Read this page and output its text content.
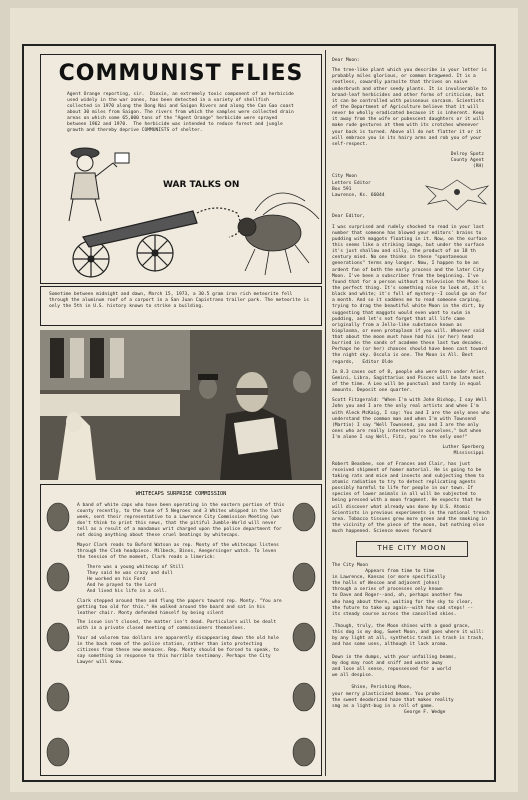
COMMUNIST FLIES

Agent Orange reporting, sir.  Dioxin, an extremely toxic component of an herbicide used widely in the war zones, has been detected in a variety of shellfish collected in 1970 along the Dong Nai and Saigon Rivers and along the Can Gao coast about 30 miles from Saigon. The rivers from which the samples were collected drain areas on which some 65,000 tons of the "Agent Orange" herbicide were sprayed between 1962 and 1970.  The herbicide was intended to reduce forest and jungle growth and thereby deprive COMMUNISTS of shelter.

WAR TALKS ON

Sometime between midnight and dawn, March 15, 1973, a 30.5 gram iron rich meteorite fell through the aluminum roof of a carport in a San Juan Capistrano trailer park. The meteorite is only the 5th in U.S. history known to strike a building.

WHITECAPS SURPRISE COMMISSION

A band of white caps who have been operating in the eastern portion of this county recently, to the tune of 5 Negroes and 3 Whites whipped in the last week, sent their representative to a Lawrence City Commission Meeting (we don't think to print this news, that the pitiful Jumble-World will never tell as a result of a mandamus writ charged upon the police department for not doing anything about these cruel beatings by whitecaps.

Mayor Clark reads to Buford Watson as rep. Monty of the whitecaps listens through the Cleb headpiece. Milbeck, Binns, Aeegersinger watch. To leven the tension of the moment, Clark reads a limerick:

There was a young whitecap of Still
They said he was crazy and dull
He worked on his Ford
And he prayed to the Lord
And lived his life in a cell.

Clark stepped around then and flung the papers toward rep. Monty. "You are getting too old for this." He walked around the board and sat in his leather chair. Monty defended himself by being silent

The issue isn't closed, the matter isn't dead. Particulars will be dealt with in a private closed meeting of commissioners themselves.

Your ad valorem tax dollars are apparently disappearing down the old hole in the back room of the police station, rather than into protecting citizens from these new menaces. Rep. Monty should be forced to speak, to say something in response to this horrible testimony. Perhaps the City Lawyer will know.

Dear Moon:

The tree-like plant which you describe in your letter is probably miles glorious, or common bragweed. It is a rootless, cowardly parasite that thrives on naive underbrush and other seedy plants. It is invulnerable to broad-leaf herbicides and other forms of criticism, but it can be controlled with poisonous sarcasm. Scientists of the Department of Agriculture believe that it will never be wholly eradicated because it is inherent. Keep it away from the wife or pubescent daughters or it will make rude gestures at them with its crotches whenever your back is turned. Above all do not flatter it or it will embrace you in its hairy arms and rob you of your self-respect.

Delroy Spotz
County Agent
(RH)

City Moon
Letters Editor
Box 591
Lawrence, Ks. 66044

Dear Editor,

I was surprised and rudely shocked to read in your last number that someone has blowed your editors' brains to pudding with maggots floating in it. Now, on the surface this seems like a striking image, but under the surface it's just shallow and silly, the product of an 18 th century mind. No one thinks in these "spontaneous generations" terms any longer. Now, I happen to be an ardent fan of both the early process and the later City Moon. I've been a subscriber from the beginning. I've found that for a person without a television the Moon is the perfect thing. It's something nice to look at, it's black and white; it's full of mystery--I could go on for a month. And so it saddens me to read someone carping, trying to drag the beautiful white Moon in the dirt, by suggesting that maggots would even want to swim in pudding, and let's not forget that all life came originally from a Jello-like substance known as bioplasma, or even protoplasm if you will. Whoever said that about the moon must have had his (or her) head burried in the sands of academe these last two decades. Perhaps he (or her) chances should have been cast toward the night sky. Oscola is one. The Moon is All. Best regards,   Editor Olde

In 8.3 cases out of 8, people who were born under Aries, Gemini, Libra, Sagittarius and Pisces will be late most of the time. A Leo will be punctual and tardy in equal amounts. Deposit one quarter.

Scott Fitzgerald: "When I'm with John Bishop, I say Well John you and I are the only real artists and when I'm with Aleck McKaig, I say: You and I are the only ones who understand the common man and when I'm with Townsend (Martin) I say "Well Townsend, you and I are the only ones who are really interested in ourselves," but when I'm alone I say Well, Fitz, you're the only one!"

Luther Sperberg
Mississippi

Robert Beasbee, son of Frances and Clair, has just received shipment of homer material. He is going to be taking rats and mice and insects and subjecting them to atomic radiation to try to detect replicating agents possibly harmful to life for people in our town. If species of lower animals in all will be subjected to being pressed with a moon fragment. He expects that he will discover what already was done by U.S. Atomic Scientists in previous experiments in the national trench area. Tobacco tissues grew more green and the smoking in the vicinity of the piece of the moon, but nothing else much happened. Science moves forward

THE CITY MOON

The City Moon
Appears from time to time
in Lawrence, Kansas (or more specifically
the halls of Wescoe and adjacent johns)
through a series of processes only known
to Dave and Roger--and, oh, perhaps another few
who hang about there, waiting for the sky to clear,
the future to take up again--with how sad steps! --
its steady course across the cancelled skies.

.Though, truly, the Moon shines with a good grace,
this dog is my dog, Sweet Moon, and goes where it will:
by any light at all, synthetic trash is trash is trash,
and has some uses, although it lack aroma.

Down in the dumps, with your unfailing beams,
my dog may root and sniff and waste away
and lose all sense, repossessed for a world
we all despise.

Shine, Perishing Moon,
your merry plasticized beams. You probe
the sweet deodorized haze that makes reality
smg as a light-bug in a roll of game.
George F. Wedge
